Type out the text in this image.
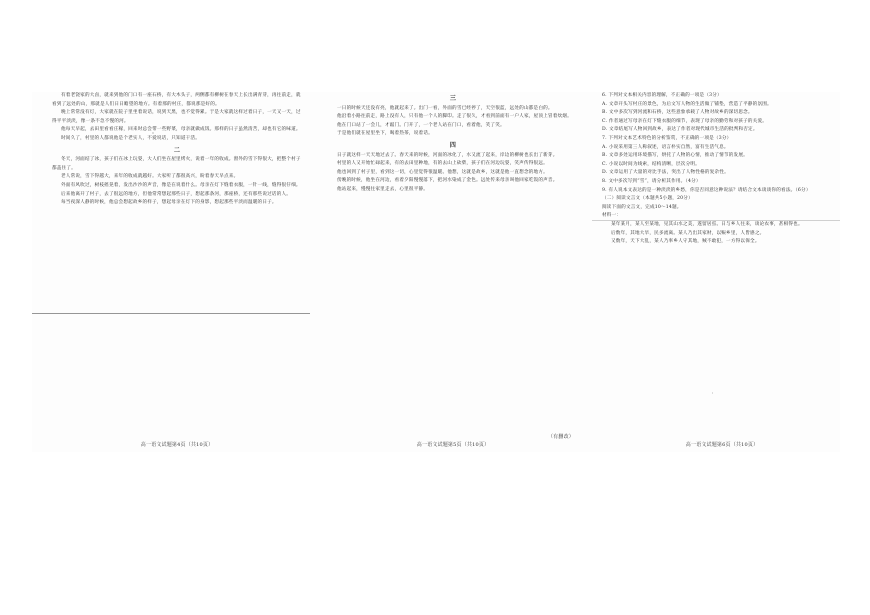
有着老饶家的大卤，就来到他的门口有一座石桥，有大木头子，两侧都有柳树在春天上长出满青芽，再往前走，就看到了远处的山，那就是人们日日瞻望的地方。有着那的村庄，都说那是好的。

晚上常常没有灯，大家就在院子里坐着说话，说到天黑，也不觉得累。于是大家就这样过着日子，一天又一天，过得平平淡淡，像一条不急不慢的河。

他每天早起，去田里看看庄稼，回来时总会带一些野菜，母亲就做成饭。那样的日子虽然清苦，却也有它的味道。

时间久了，村里的人都说他是个老实人，不爱说话，只知道干活。

二

冬天，河面结了冰，孩子们在冰上玩耍，大人们坐在屋里烤火，说着一年的收成。窗外的雪下得很大，把整个村子都盖住了。

老人常说，雪下得越大，来年的收成就越好。大家听了都很高兴，盼着春天早点来。

外面有风吹过，树枝摇晃着，发出沙沙的声音，像是在说着什么。母亲在灯下缝着衣服，一针一线，缝得很仔细。

后来他离开了村子，去了很远的地方，但他常常想起那些日子，想起那条河，那座桥，还有那些说过话的人。

每当夜深人静的时候，他总会想起故乡的样子，想起母亲在灯下的身影，想起那些平淡而温暖的日子。

高一语文试题第4页（共10页）
三

一日的时候天还没有亮，他就起来了。出门一看，外面的雪已经停了，天空很蓝，远处的山都是白的。

他沿着小路往前走，路上没有人，只有他一个人的脚印。走了很久，才看到前面有一户人家，屋顶上冒着炊烟。

他在门口站了一会儿，才敲门。门开了，一个老人站在门口，看着他，笑了笑。

于是他们就在屋里坐下，喝着热茶，说着话。

四

日子就这样一天天地过去了。春天来的时候，河面的冰化了，水又流了起来，岸边的柳树也长出了新芽。

村里的人又开始忙碌起来，有的去田里种地，有的去山上砍柴，孩子们在河边玩耍，笑声传得很远。

他也回到了村子里，看到这一切，心里觉得很温暖。他想，这就是故乡，这就是他一直想念的地方。

傍晚的时候，他坐在河边，看着夕阳慢慢落下，把河水染成了金色。远处传来母亲叫他回家吃饭的声音。

他站起来，慢慢往家里走去，心里很平静。

（有删改）
高一语文试题第5页（共10页）

6. 下列对文本相关内容的理解，不正确的一项是（3分）

A. 文章开头写村庄的景色，为后文写人物的生活做了铺垫，营造了平静的氛围。

B. 文中多次写到河流和石桥，这些意象承载了人物对故乡的深切思念。

C. 作者通过写母亲在灯下缝衣服的细节，表现了母亲的勤劳和对孩子的关爱。

D. 文章结尾写人物回到故乡，表达了作者对现代城市生活的批判和否定。

7. 下列对文本艺术特色的分析鉴赏，不正确的一项是（3分）

A. 小说采用第三人称叙述，语言朴实自然，富有生活气息。

B. 文章多处运用环境描写，烘托了人物的心情，推动了情节的发展。

C. 小说以时间为线索，结构清晰，层次分明。

D. 文章运用了大量的对比手法，突出了人物性格的复杂性。

8. 文中多次写到“雪”，请分析其作用。（4分）

9. 有人说本文表达的是一种淡淡的乡愁，你是否同意这种说法？请结合文本谈谈你的看法。（6分）

（二）阅读文言文（本题共5小题，20分）

阅读下面的文言文，完成10～14题。

材料一：

某年某月，某人至某地，见其山水之美，遂留居焉。日与乡人往来，谈论农事，甚相得也。

后数年，其地大旱，民多流离。某人乃出其家财，以赈乡里，人皆感之。

又数年，天下大乱，某人乃率乡人守其地，贼不敢犯，一方得以保全。

高一语文试题第6页（共10页）
